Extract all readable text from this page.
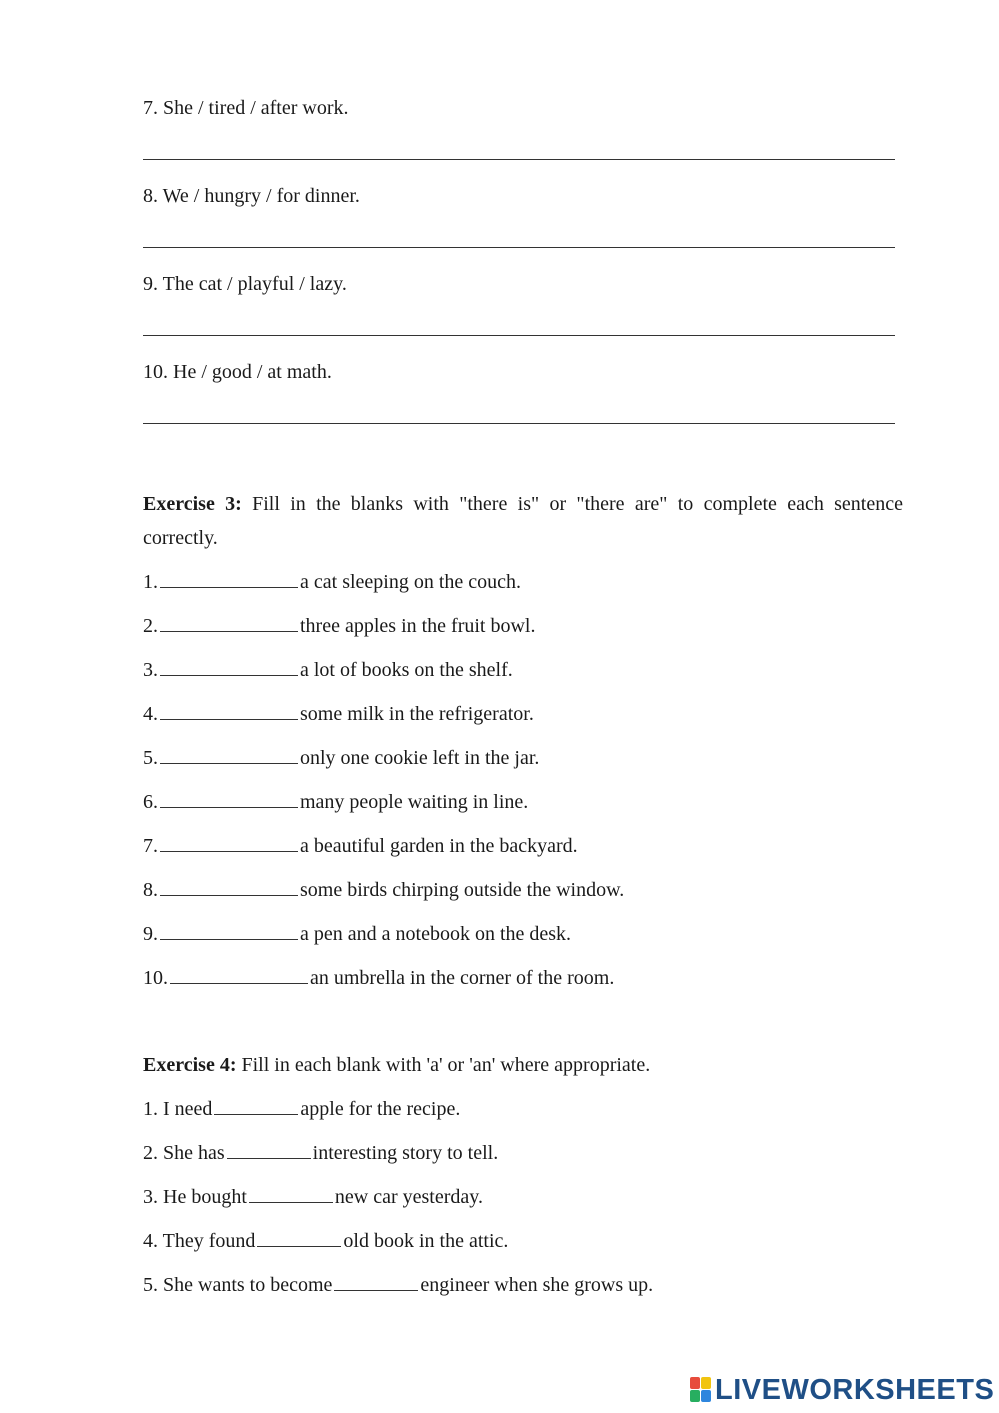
7. She / tired / after work.
8. We / hungry / for dinner.
9. The cat / playful / lazy.
10. He / good / at math.
Exercise 3: Fill in the blanks with "there is" or "there are" to complete each sentence correctly.
1.	a cat sleeping on the couch.
2.	three apples in the fruit bowl.
3.	a lot of books on the shelf.
4.	some milk in the refrigerator.
5.	only one cookie left in the jar.
6.	many people waiting in line.
7.	a beautiful garden in the backyard.
8.	some birds chirping outside the window.
9.	a pen and a notebook on the desk.
10.	an umbrella in the corner of the room.
Exercise 4: Fill in each blank with 'a' or 'an' where appropriate.
1. I need	apple for the recipe.
2. She has	interesting story to tell.
3. He bought	new car yesterday.
4. They found	old book in the attic.
5. She wants to become	engineer when she grows up.
LIVEWORKSHEETS
